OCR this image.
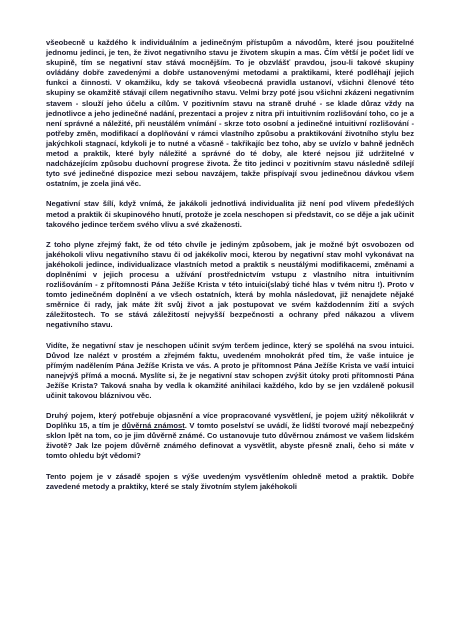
všeobecně u každého k individuálním a jedinečným přístupům a návodům, které jsou použitelné jednomu jedinci, je ten, že život negativního stavu je životem skupin a mas. Čím větší je počet lidí ve skupině, tím se negativní stav stává mocnějším. To je obzvlášť pravdou, jsou-li takové skupiny ovládány dobře zavedenými a dobře ustanovenými metodami a praktikami, které podléhají jejich funkci a činnosti. V okamžiku, kdy se taková všeobecná pravidla ustanoví, všichni členové této skupiny se okamžitě stávají cílem negativního stavu. Velmi brzy poté jsou všichni zkázeni negativním stavem - slouží jeho účelu a cílům. V pozitivním stavu na straně druhé - se klade důraz vždy na jednotlivce a jeho jedinečné nadání, prezentaci a projev z nitra při intuitivním rozlišování toho, co je a není správné a náležité, při neustálém vnímání - skrze toto osobní a jedinečné intuitivní rozlišování - potřeby změn, modifikací a doplňování v rámci vlastního způsobu a praktikování životního stylu bez jakýchkoli stagnací, kdykoli je to nutné a včasně - takřikajíc bez toho, aby se uvízlo v bahně jedněch metod a praktik, které byly náležité a správné do té doby, ale které nejsou již udržitelné v nadcházejícím způsobu duchovní progrese života. Že tito jedinci v pozitivním stavu následně sdílejí tyto své jedinečné dispozice mezi sebou navzájem, takže přispívají svou jedinečnou dávkou všem ostatním, je zcela jiná věc.

Negativní stav šílí, když vnímá, že jakákoli jednotlivá individualita již není pod vlivem předešlých metod a praktik či skupinového hnutí, protože je zcela neschopen si představit, co se děje a jak učinit takového jedince terčem svého vlivu a své zkaženosti.

Z toho plyne zřejmý fakt, že od této chvíle je jediným způsobem, jak je možné být osvobozen od jakéhokoli vlivu negativního stavu či od jakékoliv moci, kterou by negativní stav mohl vykonávat na jakéhokoli jedince, individualizace vlastních metod a praktik s neustálými modifikacemi, změnami a doplněními v jejich procesu a užívání prostřednictvím vstupu z vlastního nitra intuitivním rozlišováním - z přítomnosti Pána Ježíše Krista v této intuici(slabý tiché hlas v tvém nitru !). Proto v tomto jedinečném doplnění a ve všech ostatních, která by mohla následovat, již nenajdete nějaké směrnice či rady, jak máte žít svůj život a jak postupovat ve svém každodenním žití a svých záležitostech. To se stává záležitostí nejvyšší bezpečnosti a ochrany před nákazou a vlivem negativního stavu.

Vidíte, že negativní stav je neschopen učinit svým terčem jedince, který se spoléhá na svou intuici. Důvod lze nalézt v prostém a zřejmém faktu, uvedeném mnohokrát před tím, že vaše intuice je přímým nadělením Pána Ježíše Krista ve vás. A proto je přítomnost Pána Ježíše Krista ve vaší intuici nanejvýš přímá a mocná. Myslíte si, že je negativní stav schopen zvýšit útoky proti přítomnosti Pána Ježíše Krista? Taková snaha by vedla k okamžité anihilaci každého, kdo by se jen vzdáleně pokusil učinit takovou bláznivou věc.

Druhý pojem, který potřebuje objasnění a více propracované vysvětlení, je pojem užitý několikrát v Doplňku 15, a tím je důvěrná známost. V tomto poselství se uvádí, že lidští tvorové mají nebezpečný sklon lpět na tom, co je jim důvěrně známé. Co ustanovuje tuto důvěrnou známost ve vašem lidském životě? Jak lze pojem důvěrně známého definovat a vysvětlit, abyste přesně znali, čeho si máte v tomto ohledu být vědomi?

Tento pojem je v zásadě spojen s výše uvedeným vysvětlením ohledně metod a praktik. Dobře zavedené metody a praktiky, které se staly životním stylem jakéhokoli
